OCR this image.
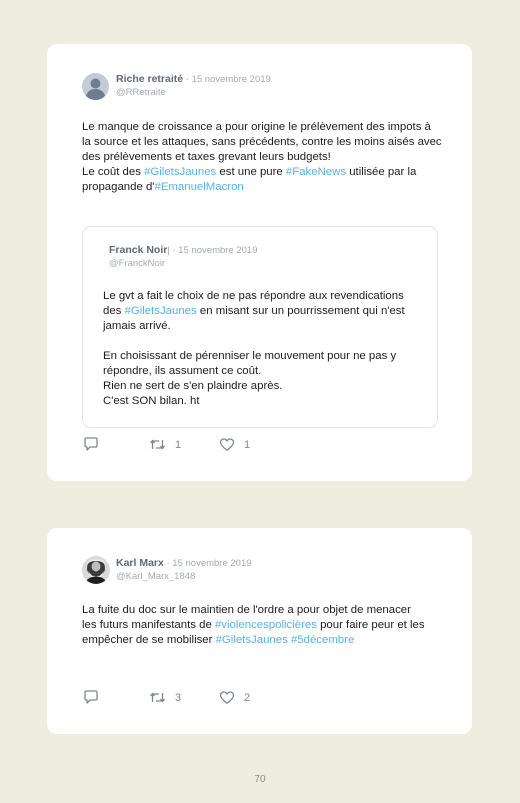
Riche retraité · 15 novembre 2019
@RRetraite

Le manque de croissance a pour origine le prélèvement des impots à la source et les attaques, sans précédents, contre les moins aisés avec des prélèvements et taxes grevant leurs budgets!

Le coût des #GiletsJaunes est une pure #FakeNews utilisée par la propagande d'#EmanuelMacron

Franck Noir| · 15 novembre 2019
@FranckNoir

Le gvt a fait le choix de ne pas répondre aux revendications des #GiletsJaunes en misant sur un pourrissement qui n'est jamais arrivé.

En choisissant de pérenniser le mouvement pour ne pas y répondre, ils assument ce coût.

Rien ne sert de s'en plaindre après.

C'est SON bilan. ht

1	1
Karl Marx · 15 novembre 2019
@Karl_Marx_1848

La fuite du doc sur le maintien de l'ordre a pour objet de menacer les futurs manifestants de #violencespolicières pour faire peur et les empêcher de se mobiliser #GiletsJaunes #5décembre

3	2
70
